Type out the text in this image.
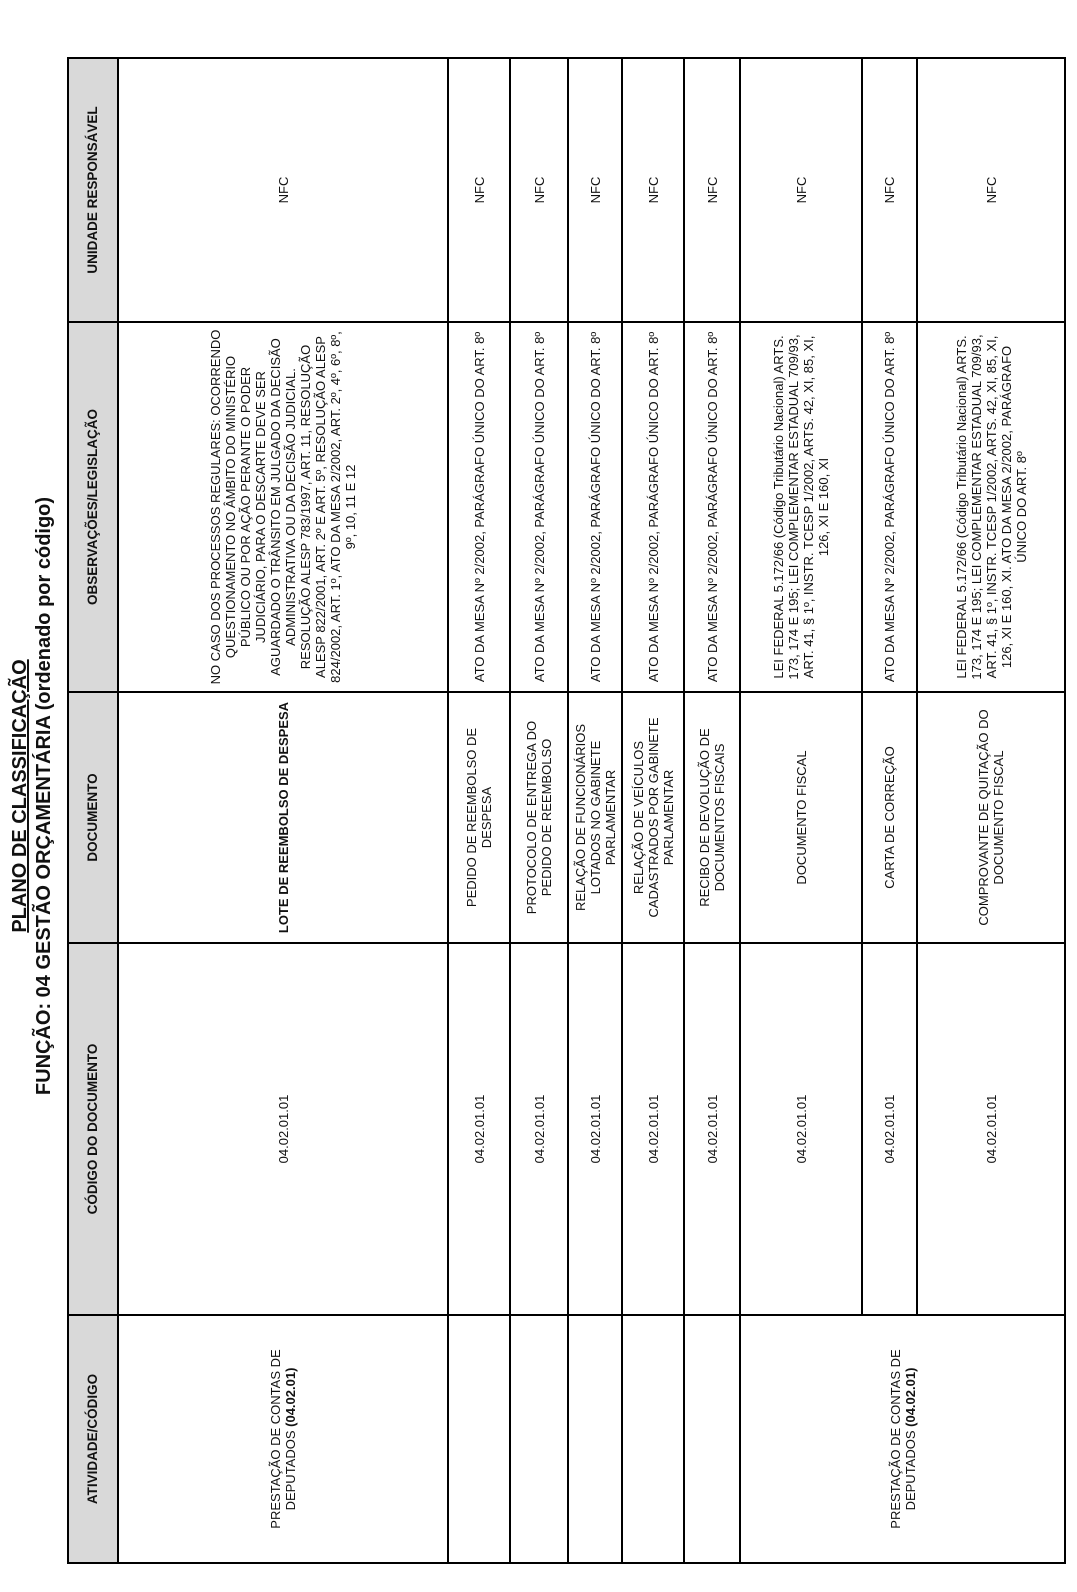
PLANO DE CLASSIFICAÇÃO FUNÇÃO: 04 GESTÃO ORÇAMENTÁRIA (ordenado por código)
ATIVIDADE/CÓDIGO	CÓDIGO DO DOCUMENTO	DOCUMENTO	OBSERVAÇÕES/LEGISLAÇÃO	UNIDADE RESPONSÁVEL
PRESTAÇÃO DE CONTAS DE DEPUTADOS (04.02.01)	04.02.01.01	LOTE DE REEMBOLSO DE DESPESA	NO CASO DOS PROCESSOS REGULARES: OCORRENDO QUESTIONAMENTO NO ÂMBITO DO MINISTÉRIO PÚBLICO OU POR AÇÃO PERANTE O PODER JUDICIÁRIO, PARA O DESCARTE DEVE SER AGUARDADO O TRÂNSITO EM JULGADO DA DECISÃO ADMINISTRATIVA OU DA DECISÃO JUDICIAL. RESOLUÇÃO ALESP 783/1997, ART. 11, RESOLUÇÃO ALESP 822/2001, ART. 2º E ART. 5º, RESOLUÇÃO ALESP 824/2002, ART. 1º, ATO DA MESA 2/2002, ART. 2º, 4º, 6º, 8º, 9º, 10, 11 E 12	NFC
	04.02.01.01	PEDIDO DE REEMBOLSO DE DESPESA	ATO DA MESA Nº 2/2002, PARÁGRAFO ÚNICO DO ART. 8º	NFC
	04.02.01.01	PROTOCOLO DE ENTREGA DO PEDIDO DE REEMBOLSO	ATO DA MESA Nº 2/2002, PARÁGRAFO ÚNICO DO ART. 8º	NFC
	04.02.01.01	RELAÇÃO DE FUNCIONÁRIOS LOTADOS NO GABINETE PARLAMENTAR	ATO DA MESA Nº 2/2002, PARÁGRAFO ÚNICO DO ART. 8º	NFC
	04.02.01.01	RELAÇÃO DE VEÍCULOS CADASTRADOS POR GABINETE PARLAMENTAR	ATO DA MESA Nº 2/2002, PARÁGRAFO ÚNICO DO ART. 8º	NFC
	04.02.01.01	RECIBO DE DEVOLUÇÃO DE DOCUMENTOS FISCAIS	ATO DA MESA Nº 2/2002, PARÁGRAFO ÚNICO DO ART. 8º	NFC
PRESTAÇÃO DE CONTAS DE DEPUTADOS (04.02.01)	04.02.01.01	DOCUMENTO FISCAL	LEI FEDERAL 5.172/66 (Código Tributário Nacional) ARTS. 173, 174 E 195; LEI COMPLEMENTAR ESTADUAL 709/93, ART. 41, § 1º, INSTR. TCESP 1/2002, ARTS. 42, XI, 85, XI, 126, XI E 160, XI	NFC
	04.02.01.01	CARTA DE CORREÇÃO	ATO DA MESA Nº 2/2002, PARÁGRAFO ÚNICO DO ART. 8º	NFC
	04.02.01.01	COMPROVANTE DE QUITAÇÃO DO DOCUMENTO FISCAL	LEI FEDERAL 5.172/66 (Código Tributário Nacional) ARTS. 173, 174 E 195; LEI COMPLEMENTAR ESTADUAL 709/93, ART. 41, § 1º, INSTR. TCESP 1/2002, ARTS. 42, XI, 85, XI, 126, XI E 160, XI. ATO DA MESA 2/2002, PARÁGRAFO ÚNICO DO ART. 8º	NFC
